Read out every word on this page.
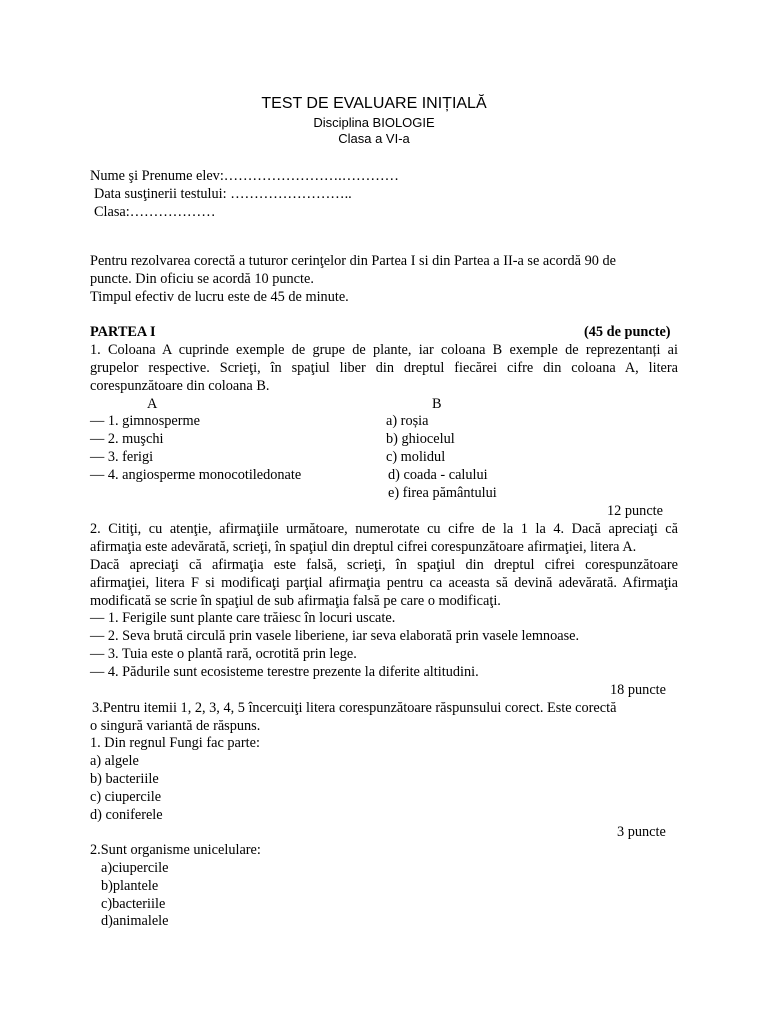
TEST DE EVALUARE INIȚIALĂ
Disciplina BIOLOGIE
Clasa a VI-a
Nume şi Prenume elev:…………………….…………
Data susţinerii testului: ……………………..
Clasa:………………
Pentru rezolvarea corectă a tuturor cerinţelor din Partea I si din Partea a II-a se acordă 90 de
puncte. Din oficiu se acordă 10 puncte.
Timpul efectiv de lucru este de 45 de minute.
PARTEA I	(45 de puncte)
1. Coloana A cuprinde exemple de grupe de plante, iar coloana B exemple de reprezentanți ai
grupelor respective. Scrieţi, în spaţiul liber din dreptul fiecărei cifre din coloana A, litera
corespunzătoare din coloana B.
A	B
— 1. gimnosperme
— 2. muşchi
— 3. ferigi
— 4. angiosperme monocotiledonate
a) roșia
b) ghiocelul
c) molidul
d) coada - calului
e) firea pământului
12 puncte
2. Citiţi, cu atenţie, afirmaţiile următoare, numerotate cu cifre de la 1 la 4. Dacă apreciaţi că
afirmaţia este adevărată, scrieţi, în spaţiul din dreptul cifrei corespunzătoare afirmaţiei, litera A.
Dacă apreciaţi că afirmaţia este falsă, scrieţi, în spaţiul din dreptul cifrei corespunzătoare
afirmaţiei, litera F si modificaţi parţial afirmaţia pentru ca aceasta să devină adevărată. Afirmaţia
modificată se scrie în spaţiul de sub afirmaţia falsă pe care o modificaţi.
— 1. Ferigile sunt plante care trăiesc în locuri uscate.
— 2. Seva brută circulă prin vasele liberiene, iar seva elaborată prin vasele lemnoase.
— 3. Tuia este o plantă rară, ocrotită prin lege.
— 4. Pădurile sunt ecosisteme terestre prezente la diferite altitudini.
18 puncte
3.Pentru itemii 1, 2, 3, 4, 5 încercuiţi litera corespunzătoare răspunsului corect. Este corectă
o singură variantă de răspuns.
1. Din regnul Fungi fac parte:
a) algele
b) bacteriile
c) ciupercile
d) coniferele
3 puncte
2.Sunt organisme unicelulare:
a)ciupercile
b)plantele
c)bacteriile
d)animalele
